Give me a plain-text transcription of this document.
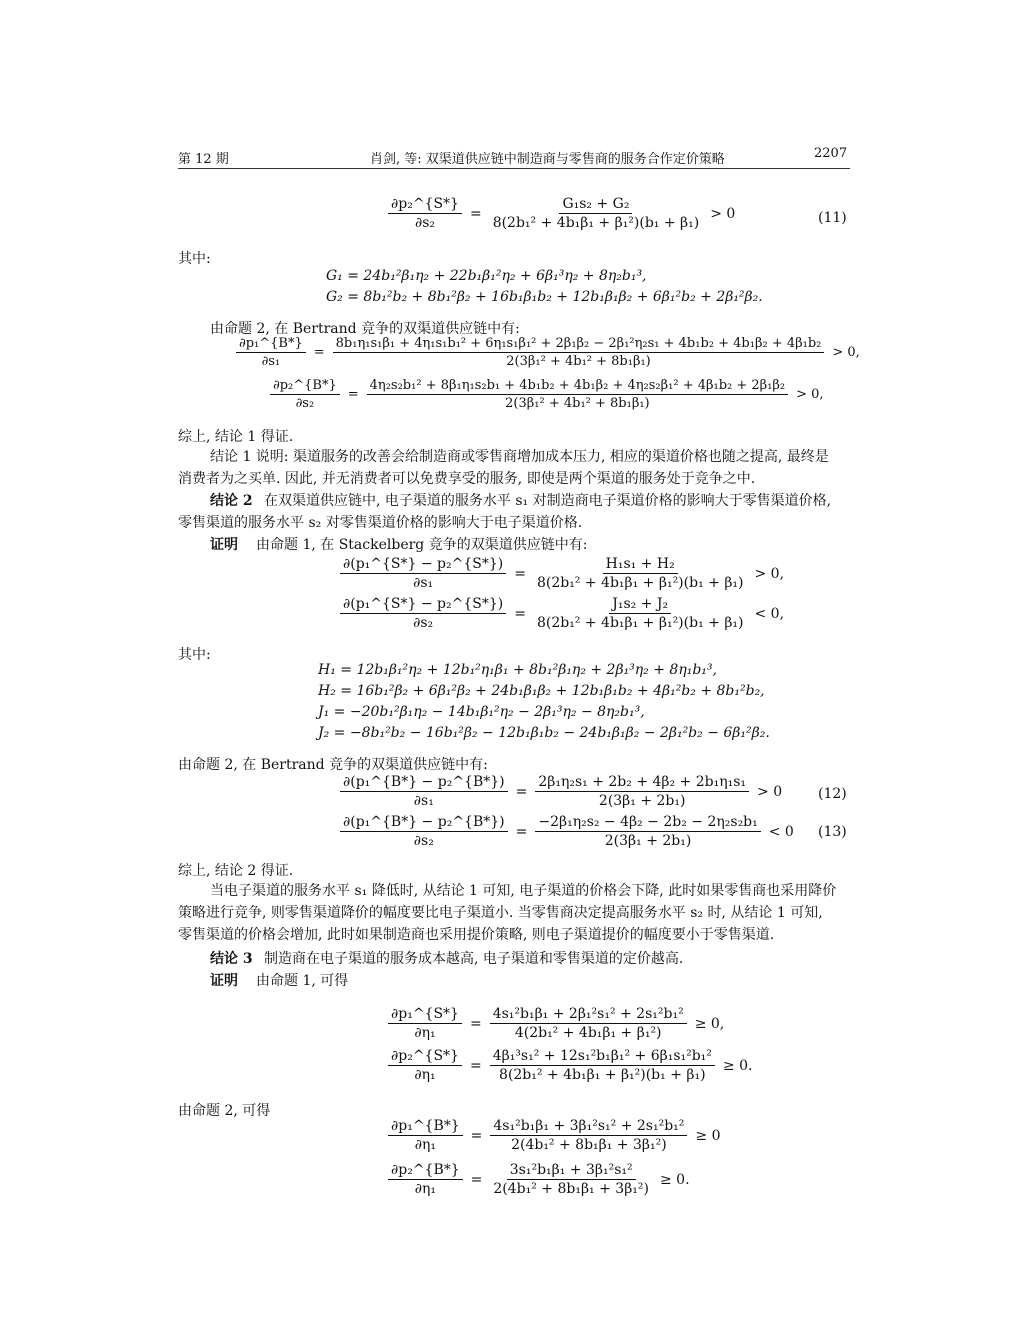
第 12 期	肖剑, 等: 双渠道供应链中制造商与零售商的服务合作定价策略	2207
$\frac{\text{∂p₂\textasciicircum{}\{S*\}}}{\text{∂s₂}} = \frac{\text{G₁s₂ + G₂}}{\text{8(2b₁² + 4b₁β₁ + β₁²)(b₁ + β₁)}} > 0$	(11)
其中:
G₁ = 24b₁²β₁η₂ + 22b₁β₁²η₂ + 6β₁³η₂ + 8η₂b₁³,
G₂ = 8b₁²b₂ + 8b₁²β₂ + 16b₁β₁b₂ + 12b₁β₁β₂ + 6β₁²b₂ + 2β₁²β₂.
由命题 2, 在 Bertrand 竞争的双渠道供应链中有:
$\frac{\text{∂p₁\textasciicircum{}\{B*\}}}{\text{∂s₁}}$ =
8b₁η₁s₁β₁ + 4η₁s₁b₁² + 6η₁s₁β₁² + 2β₁β₂ − 2β₁²η₂s₁ + 4b₁b₂ + 4b₁β₂ + 4β₁b₂
2(3β₁² + 4b₁² + 8b₁β₁)
> 0,
$\frac{\text{∂p₂\textasciicircum{}\{B*\}}}{\text{∂s₂}}$ =
4η₂s₂b₁² + 8β₁η₁s₂b₁ + 4b₁b₂ + 4b₁β₂ + 4η₂s₂β₁² + 4β₁b₂ + 2β₁β₂
2(3β₁² + 4b₁² + 8b₁β₁)
> 0,
综上, 结论 1 得证.
结论 1 说明: 渠道服务的改善会给制造商或零售商增加成本压力, 相应的渠道价格也随之提高, 最终是
消费者为之买单. 因此, 并无消费者可以免费享受的服务, 即使是两个渠道的服务处于竞争之中.
结论 2 在双渠道供应链中, 电子渠道的服务水平 s₁ 对制造商电子渠道价格的影响大于零售渠道价格,
零售渠道的服务水平 s₂ 对零售渠道价格的影响大于电子渠道价格.
证明 由命题 1, 在 Stackelberg 竞争的双渠道供应链中有:
$\frac{\text{∂(p₁\textasciicircum{}\{S*\} − p₂\textasciicircum{}\{S*\})}}{\text{∂s₁}} = \frac{\text{H₁s₁ + H₂}}{\text{8(2b₁² + 4b₁β₁ + β₁²)(b₁ + β₁)}} > 0$,
$\frac{\text{∂(p₁\textasciicircum{}\{S*\} − p₂\textasciicircum{}\{S*\})}}{\text{∂s₂}} = \frac{\text{J₁s₂ + J₂}}{\text{8(2b₁² + 4b₁β₁ + β₁²)(b₁ + β₁)}} < 0$,
其中:
H₁ = 12b₁β₁²η₂ + 12b₁²η₁β₁ + 8b₁²β₁η₂ + 2β₁³η₂ + 8η₁b₁³,
H₂ = 16b₁²β₂ + 6β₁²β₂ + 24b₁β₁β₂ + 12b₁β₁b₂ + 4β₁²b₂ + 8b₁²b₂,
J₁ = −20b₁²β₁η₂ − 14b₁β₁²η₂ − 2β₁³η₂ − 8η₂b₁³,
J₂ = −8b₁²b₂ − 16b₁²β₂ − 12b₁β₁b₂ − 24b₁β₁β₂ − 2β₁²b₂ − 6β₁²β₂.
由命题 2, 在 Bertrand 竞争的双渠道供应链中有:
$\frac{\text{∂(p₁\textasciicircum{}\{B*\} − p₂\textasciicircum{}\{B*\})}}{\text{∂s₁}} = \frac{\text{2β₁η₂s₁ + 2b₂ + 4β₂ + 2b₁η₁s₁}}{\text{2(3β₁ + 2b₁)}} > 0$	(12)
$\frac{\text{∂(p₁\textasciicircum{}\{B*\} − p₂\textasciicircum{}\{B*\})}}{\text{∂s₂}} = \frac{\text{−2β₁η₂s₂ − 4β₂ − 2b₂ − 2η₂s₂b₁}}{\text{2(3β₁ + 2b₁)}} < 0$ (13)
综上, 结论 2 得证.
当电子渠道的服务水平 s₁ 降低时, 从结论 1 可知, 电子渠道的价格会下降, 此时如果零售商也采用降价
策略进行竞争, 则零售渠道降价的幅度要比电子渠道小. 当零售商决定提高服务水平 s₂ 时, 从结论 1 可知,
零售渠道的价格会增加, 此时如果制造商也采用提价策略, 则电子渠道提价的幅度要小于零售渠道.
结论 3 制造商在电子渠道的服务成本越高, 电子渠道和零售渠道的定价越高.
证明 由命题 1, 可得
$\frac{\text{∂p₁\textasciicircum{}\{S*\}}}{\text{∂η₁}} = \frac{\text{4s₁²b₁β₁ + 2β₁²s₁² + 2s₁²b₁²}}{\text{4(2b₁² + 4b₁β₁ + β₁²)}} \ge 0$,
$\frac{\text{∂p₂\textasciicircum{}\{S*\}}}{\text{∂η₁}} = \frac{\text{4β₁³s₁² + 12s₁²b₁β₁² + 6β₁s₁²b₁²}}{\text{8(2b₁² + 4b₁β₁ + β₁²)(b₁ + β₁)}} \ge 0$.
由命题 2, 可得
$\frac{\text{∂p₁\textasciicircum{}\{B*\}}}{\text{∂η₁}} = \frac{\text{4s₁²b₁β₁ + 3β₁²s₁² + 2s₁²b₁²}}{\text{2(4b₁² + 8b₁β₁ + 3β₁²)}} \ge 0$
$\frac{\text{∂p₂\textasciicircum{}\{B*\}}}{\text{∂η₁}} = \frac{\text{3s₁²b₁β₁ + 3β₁²s₁²}}{\text{2(4b₁² + 8b₁β₁ + 3β₁²)}} \ge 0$.
